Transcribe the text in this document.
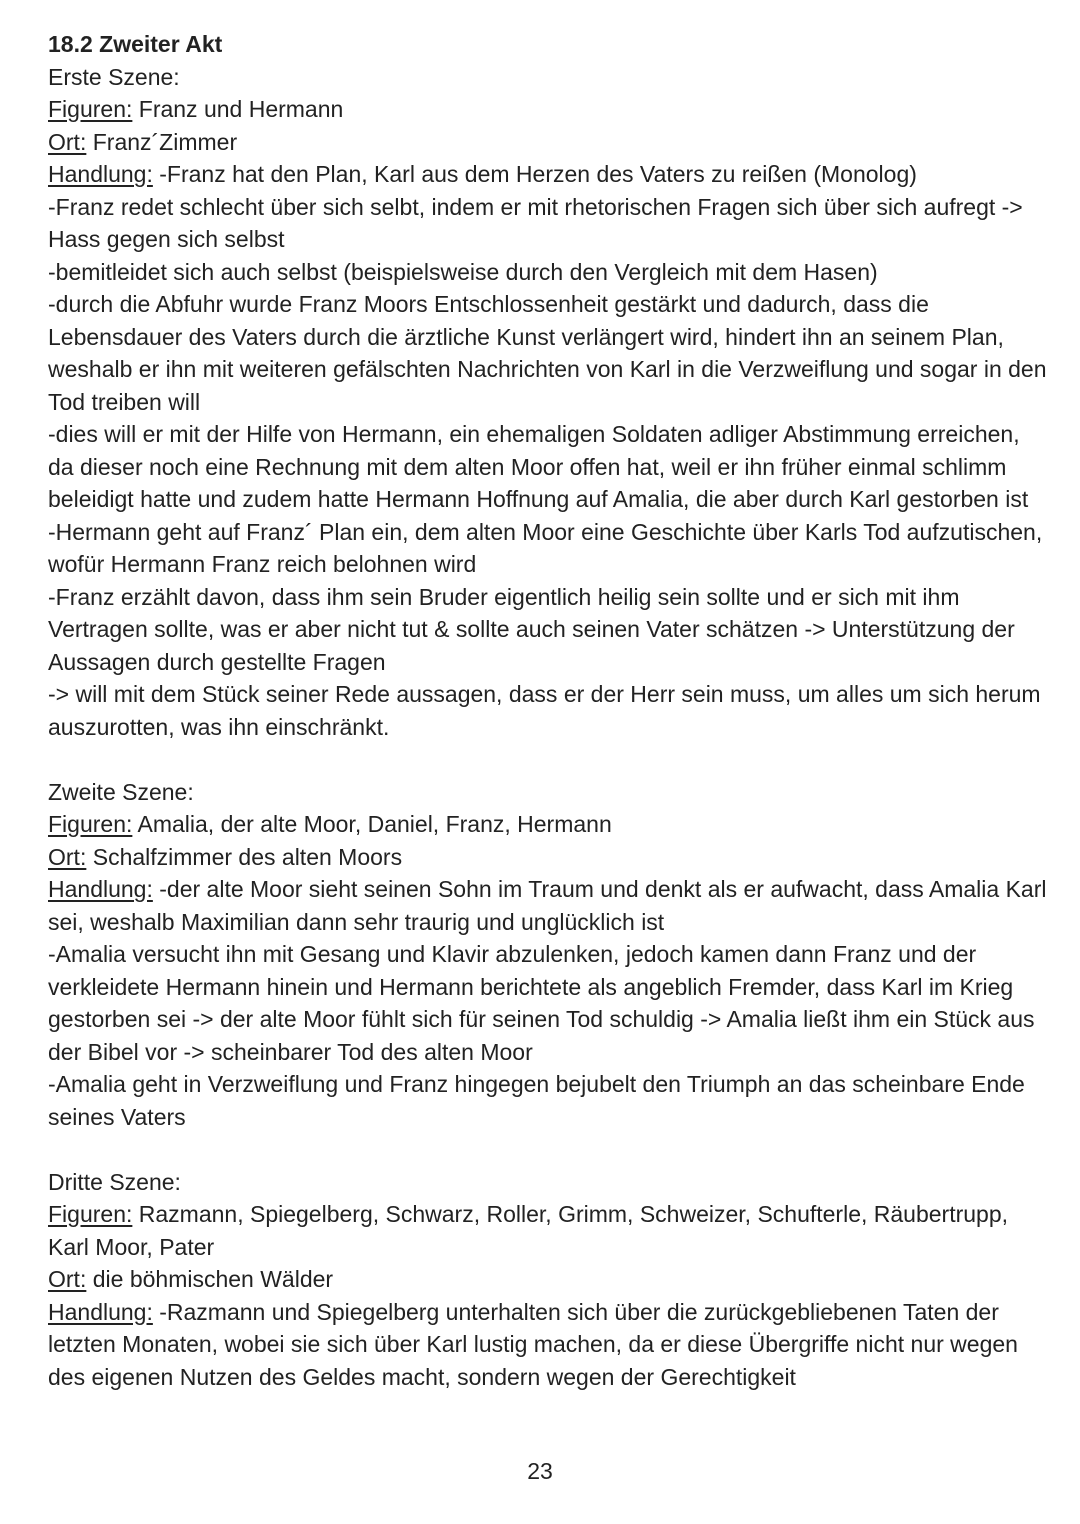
18.2 Zweiter Akt
Erste Szene:
Figuren: Franz und Hermann
Ort: Franz´Zimmer
Handlung: -Franz hat den Plan, Karl aus dem Herzen des Vaters zu reißen (Monolog)
-Franz redet schlecht über sich selbt, indem er mit rhetorischen Fragen sich über sich aufregt -> Hass gegen sich selbst
-bemitleidet sich auch selbst (beispielsweise durch den Vergleich mit dem Hasen)
-durch die Abfuhr wurde Franz Moors Entschlossenheit gestärkt und dadurch, dass die Lebensdauer des Vaters durch die ärztliche Kunst verlängert wird, hindert ihn an seinem Plan, weshalb er ihn mit weiteren gefälschten Nachrichten von Karl in die Verzweiflung und sogar in den Tod treiben will
-dies will er mit der Hilfe von Hermann, ein ehemaligen Soldaten adliger Abstimmung erreichen, da dieser noch eine Rechnung mit dem alten Moor offen hat, weil er ihn früher einmal schlimm beleidigt hatte und zudem hatte Hermann Hoffnung auf Amalia, die aber durch Karl gestorben ist
-Hermann geht auf Franz´ Plan ein, dem alten Moor eine Geschichte über Karls Tod aufzutischen, wofür Hermann Franz reich belohnen wird
-Franz erzählt davon, dass ihm sein Bruder eigentlich heilig sein sollte und er sich mit ihm Vertragen sollte, was er aber nicht tut & sollte auch seinen Vater schätzen -> Unterstützung der Aussagen durch gestellte Fragen
-> will mit dem Stück seiner Rede aussagen, dass er der Herr sein muss, um alles um sich herum auszurotten, was ihn einschränkt.
Zweite Szene:
Figuren: Amalia, der alte Moor, Daniel, Franz, Hermann
Ort: Schalfzimmer des alten Moors
Handlung: -der alte Moor sieht seinen Sohn im Traum und denkt als er aufwacht, dass Amalia Karl sei, weshalb Maximilian dann sehr traurig und unglücklich ist
-Amalia versucht ihn mit Gesang und Klavir abzulenken, jedoch kamen dann Franz und der verkleidete Hermann hinein und Hermann berichtete als angeblich Fremder, dass Karl im Krieg gestorben sei -> der alte Moor fühlt sich für seinen Tod schuldig -> Amalia ließt ihm ein Stück aus der Bibel vor -> scheinbarer Tod des alten Moor
-Amalia geht in Verzweiflung und Franz hingegen bejubelt den Triumph an das scheinbare Ende seines Vaters
Dritte Szene:
Figuren: Razmann, Spiegelberg, Schwarz, Roller, Grimm, Schweizer, Schufterle, Räubertrupp, Karl Moor, Pater
Ort: die böhmischen Wälder
Handlung: -Razmann und Spiegelberg unterhalten sich über die zurückgebliebenen Taten der letzten Monaten, wobei sie sich über Karl lustig machen, da er diese Übergriffe nicht nur wegen des eigenen Nutzen des Geldes macht, sondern wegen der Gerechtigkeit
23
